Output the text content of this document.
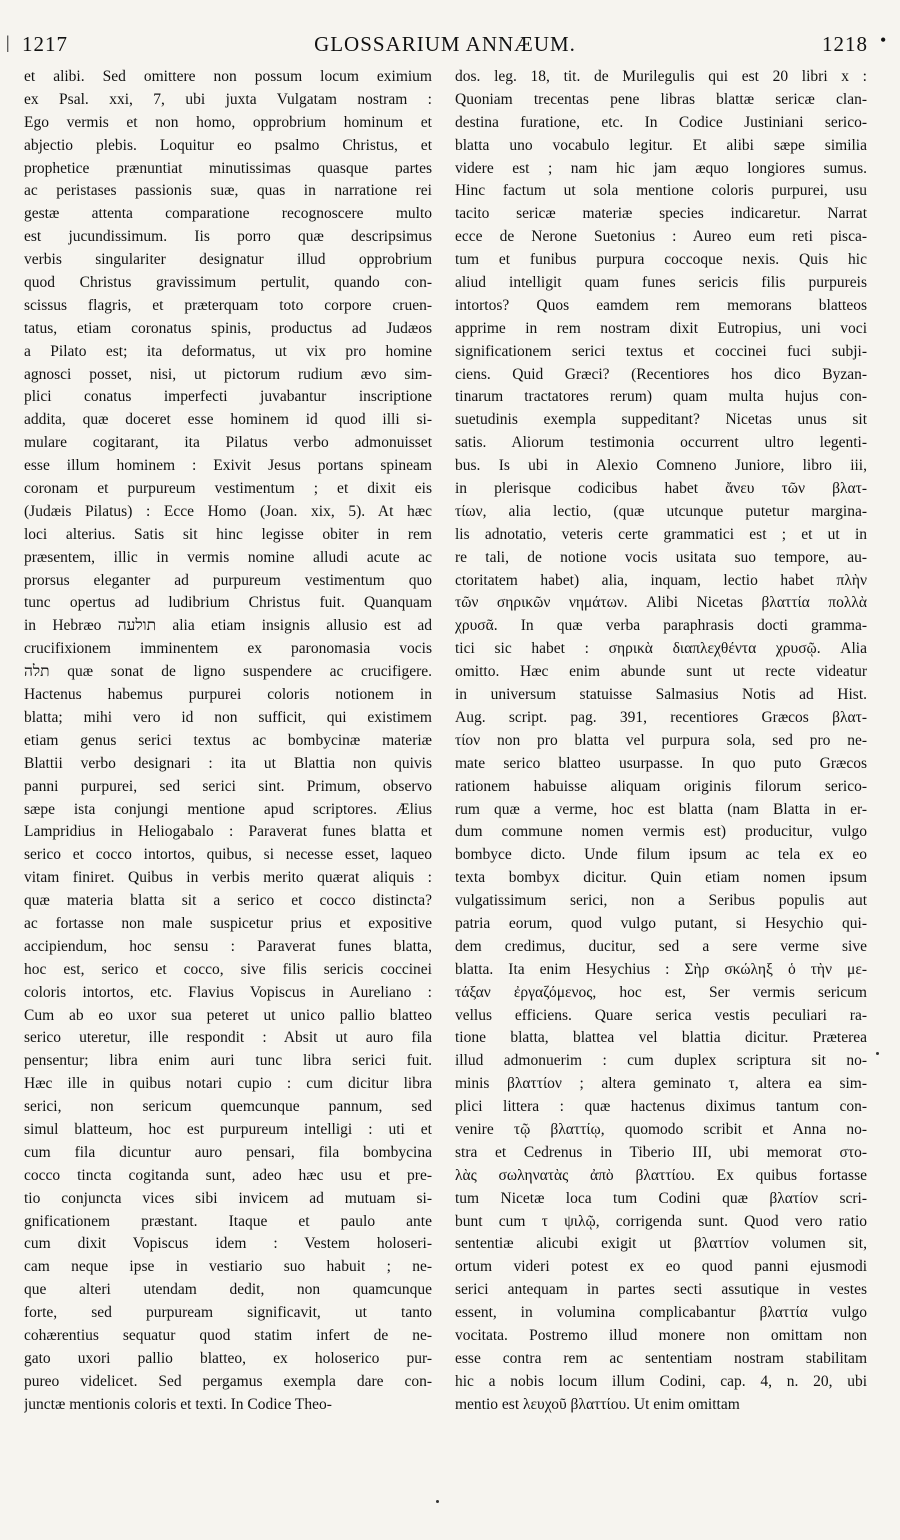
|	•
1217	GLOSSARIUM ANNÆUM.	1218
et alibi. Sed omittere non possum locum eximium
ex Psal. xxi, 7, ubi juxta Vulgatam nostram :
Ego vermis et non homo, opprobrium hominum et
abjectio plebis. Loquitur eo psalmo Christus, et
prophetice prænuntiat minutissimas quasque partes
ac peristases passionis suæ, quas in narratione rei
gestæ attenta comparatione recognoscere multo
est jucundissimum. Iis porro quæ descripsimus
verbis singulariter designatur illud opprobrium
quod Christus gravissimum pertulit, quando con-
scissus flagris, et præterquam toto corpore cruen-
tatus, etiam coronatus spinis, productus ad Judæos
a Pilato est; ita deformatus, ut vix pro homine
agnosci posset, nisi, ut pictorum rudium ævo sim-
plici conatus imperfecti juvabantur inscriptione
addita, quæ doceret esse hominem id quod illi si-
mulare cogitarant, ita Pilatus verbo admonuisset
esse illum hominem : Exivit Jesus portans spineam
coronam et purpureum vestimentum ; et dixit eis
(Judæis Pilatus) : Ecce Homo (Joan. xix, 5). At hæc
loci alterius. Satis sit hinc legisse obiter in rem
præsentem, illic in vermis nomine alludi acute ac
prorsus eleganter ad purpureum vestimentum quo
tunc opertus ad ludibrium Christus fuit. Quanquam
in Hebræo תולעה alia etiam insignis allusio est ad
crucifixionem imminentem ex paronomasia vocis
תלה quæ sonat de ligno suspendere ac crucifigere.
Hactenus habemus purpurei coloris notionem in
blatta; mihi vero id non sufficit, qui existimem
etiam genus serici textus ac bombycinæ materiæ
Blattii verbo designari : ita ut Blattia non quivis
panni purpurei, sed serici sint. Primum, observo
sæpe ista conjungi mentione apud scriptores. Ælius
Lampridius in Heliogabalo : Paraverat funes blatta et
serico et cocco intortos, quibus, si necesse esset, laqueo
vitam finiret. Quibus in verbis merito quærat aliquis :
quæ materia blatta sit a serico et cocco distincta?
ac fortasse non male suspicetur prius et expositive
accipiendum, hoc sensu : Paraverat funes blatta,
hoc est, serico et cocco, sive filis sericis coccinei
coloris intortos, etc. Flavius Vopiscus in Aureliano :
Cum ab eo uxor sua peteret ut unico pallio blatteo
serico uteretur, ille respondit : Absit ut auro fila
pensentur; libra enim auri tunc libra serici fuit.
Hæc ille in quibus notari cupio : cum dicitur libra
serici, non sericum quemcunque pannum, sed
simul blatteum, hoc est purpureum intelligi : uti et
cum fila dicuntur auro pensari, fila bombycina
cocco tincta cogitanda sunt, adeo hæc usu et pre-
tio conjuncta vices sibi invicem ad mutuam si-
gnificationem præstant. Itaque et paulo ante
cum dixit Vopiscus idem : Vestem holoseri-
cam neque ipse in vestiario suo habuit ; ne-
que alteri utendam dedit, non quamcunque
forte, sed purpuream significavit, ut tanto
cohærentius sequatur quod statim infert de ne-
gato uxori pallio blatteo, ex holoserico pur-
pureo videlicet. Sed pergamus exempla dare con-
junctæ mentionis coloris et texti. In Codice Theo-
dos. leg. 18, tit. de Murilegulis qui est 20 libri x :
Quoniam trecentas pene libras blattæ sericæ clan-
destina furatione, etc. In Codice Justiniani serico-
blatta uno vocabulo legitur. Et alibi sæpe similia
videre est ; nam hic jam æquo longiores sumus.
Hinc factum ut sola mentione coloris purpurei, usu
tacito sericæ materiæ species indicaretur. Narrat
ecce de Nerone Suetonius : Aureo eum reti pisca-
tum et funibus purpura coccoque nexis. Quis hic
aliud intelligit quam funes sericis filis purpureis
intortos? Quos eamdem rem memorans blatteos
apprime in rem nostram dixit Eutropius, uni voci
significationem serici textus et coccinei fuci subji-
ciens. Quid Græci? (Recentiores hos dico Byzan-
tinarum tractatores rerum) quam multa hujus con-
suetudinis exempla suppeditant? Nicetas unus sit
satis. Aliorum testimonia occurrent ultro legenti-
bus. Is ubi in Alexio Comneno Juniore, libro iii,
in plerisque codicibus habet ἄνευ τῶν βλατ-
τίων, alia lectio, (quæ utcunque putetur margina-
lis adnotatio, veteris certe grammatici est ; et ut in
re tali, de notione vocis usitata suo tempore, au-
ctoritatem habet) alia, inquam, lectio habet πλὴν
τῶν σηρικῶν νημάτων. Alibi Nicetas βλαττία πολλὰ
χρυσᾶ. In quæ verba paraphrasis docti gramma-
tici sic habet : σηρικὰ διαπλεχθέντα χρυσῷ. Alia
omitto. Hæc enim abunde sunt ut recte videatur
in universum statuisse Salmasius Notis ad Hist.
Aug. script. pag. 391, recentiores Græcos βλατ-
τίον non pro blatta vel purpura sola, sed pro ne-
mate serico blatteo usurpasse. In quo puto Græcos
rationem habuisse aliquam originis filorum serico-
rum quæ a verme, hoc est blatta (nam Blatta in er-
dum commune nomen vermis est) producitur, vulgo
bombyce dicto. Unde filum ipsum ac tela ex eo
texta bombyx dicitur. Quin etiam nomen ipsum
vulgatissimum serici, non a Seribus populis aut
patria eorum, quod vulgo putant, si Hesychio qui-
dem credimus, ducitur, sed a sere verme sive
blatta. Ita enim Hesychius : Σὴρ σκώληξ ὁ τὴν με-
τάξαν ἐργαζόμενος, hoc est, Ser vermis sericum
vellus efficiens. Quare serica vestis peculiari ra-
tione blatta, blattea vel blattia dicitur. Præterea
illud admonuerim : cum duplex scriptura sit no-
minis βλαττίον ; altera geminato τ, altera ea sim-
plici littera : quæ hactenus diximus tantum con-
venire τῷ βλαττίῳ, quomodo scribit et Anna no-
stra et Cedrenus in Tiberio III, ubi memorat στο-
λὰς σωληνατὰς ἀπὸ βλαττίου. Ex quibus fortasse
tum Nicetæ loca tum Codini quæ βλατίον scri-
bunt cum τ ψιλῷ, corrigenda sunt. Quod vero ratio
sententiæ alicubi exigit ut βλαττίον volumen sit,
ortum videri potest ex eo quod panni ejusmodi
serici antequam in partes secti assutique in vestes
essent, in volumina complicabantur βλαττία vulgo
vocitata. Postremo illud monere non omittam non
esse contra rem ac sententiam nostram stabilitam
hic a nobis locum illum Codini, cap. 4, n. 20, ubi
mentio est λευχοῦ βλαττίου. Ut enim omittam
